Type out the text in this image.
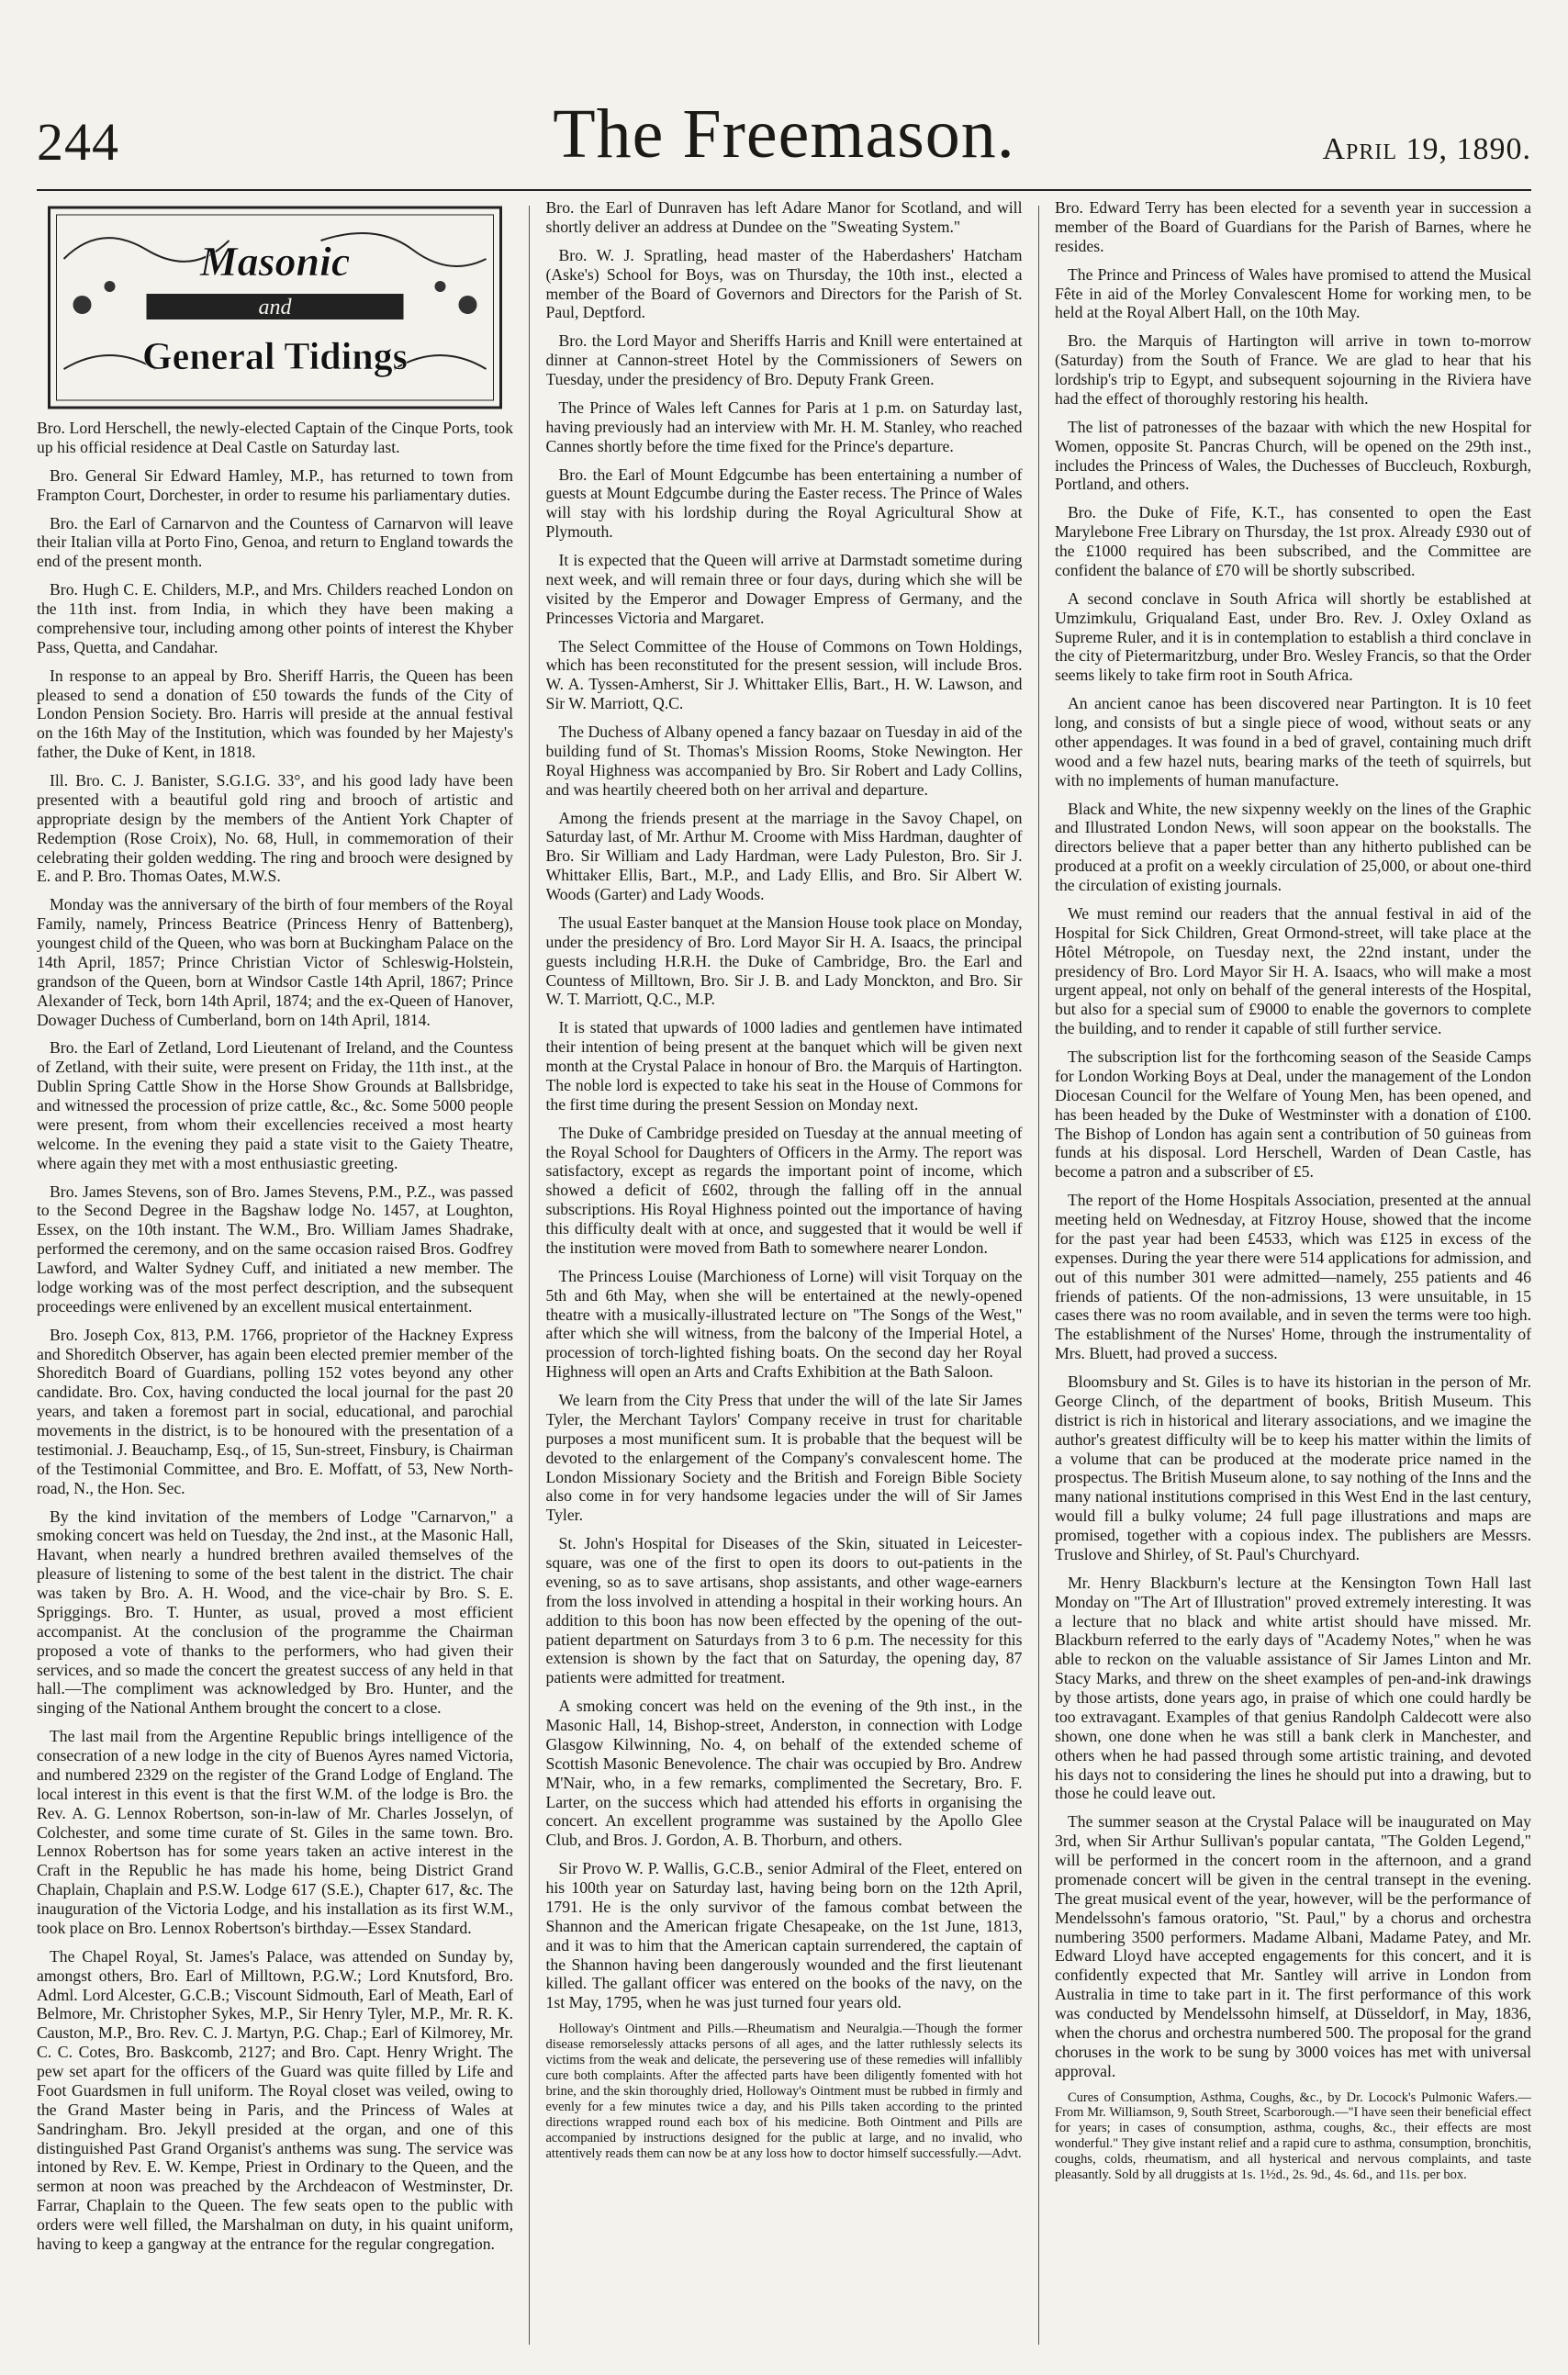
244	The Freemason.	April 19, 1890.
Masonic
and
General Tidings

Bro. Lord Herschell, the newly-elected Captain of the Cinque Ports, took up his official residence at Deal Castle on Saturday last.

Bro. General Sir Edward Hamley, M.P., has returned to town from Frampton Court, Dorchester, in order to resume his parliamentary duties.

Bro. the Earl of Carnarvon and the Countess of Carnarvon will leave their Italian villa at Porto Fino, Genoa, and return to England towards the end of the present month.

Bro. Hugh C. E. Childers, M.P., and Mrs. Childers reached London on the 11th inst. from India, in which they have been making a comprehensive tour, including among other points of interest the Khyber Pass, Quetta, and Candahar.

In response to an appeal by Bro. Sheriff Harris, the Queen has been pleased to send a donation of £50 towards the funds of the City of London Pension Society. Bro. Harris will preside at the annual festival on the 16th May of the Institution, which was founded by her Majesty's father, the Duke of Kent, in 1818.

Ill. Bro. C. J. Banister, S.G.I.G. 33°, and his good lady have been presented with a beautiful gold ring and brooch of artistic and appropriate design by the members of the Antient York Chapter of Redemption (Rose Croix), No. 68, Hull, in commemoration of their celebrating their golden wedding. The ring and brooch were designed by E. and P. Bro. Thomas Oates, M.W.S.

Monday was the anniversary of the birth of four members of the Royal Family, namely, Princess Beatrice (Princess Henry of Battenberg), youngest child of the Queen, who was born at Buckingham Palace on the 14th April, 1857; Prince Christian Victor of Schleswig-Holstein, grandson of the Queen, born at Windsor Castle 14th April, 1867; Prince Alexander of Teck, born 14th April, 1874; and the ex-Queen of Hanover, Dowager Duchess of Cumberland, born on 14th April, 1814.

Bro. the Earl of Zetland, Lord Lieutenant of Ireland, and the Countess of Zetland, with their suite, were present on Friday, the 11th inst., at the Dublin Spring Cattle Show in the Horse Show Grounds at Ballsbridge, and witnessed the procession of prize cattle, &c., &c. Some 5000 people were present, from whom their excellencies received a most hearty welcome. In the evening they paid a state visit to the Gaiety Theatre, where again they met with a most enthusiastic greeting.

Bro. James Stevens, son of Bro. James Stevens, P.M., P.Z., was passed to the Second Degree in the Bagshaw lodge No. 1457, at Loughton, Essex, on the 10th instant. The W.M., Bro. William James Shadrake, performed the ceremony, and on the same occasion raised Bros. Godfrey Lawford, and Walter Sydney Cuff, and initiated a new member. The lodge working was of the most perfect description, and the subsequent proceedings were enlivened by an excellent musical entertainment.

Bro. Joseph Cox, 813, P.M. 1766, proprietor of the Hackney Express and Shoreditch Observer, has again been elected premier member of the Shoreditch Board of Guardians, polling 152 votes beyond any other candidate. Bro. Cox, having conducted the local journal for the past 20 years, and taken a foremost part in social, educational, and parochial movements in the district, is to be honoured with the presentation of a testimonial. J. Beauchamp, Esq., of 15, Sun-street, Finsbury, is Chairman of the Testimonial Committee, and Bro. E. Moffatt, of 53, New North-road, N., the Hon. Sec.

By the kind invitation of the members of Lodge "Carnarvon," a smoking concert was held on Tuesday, the 2nd inst., at the Masonic Hall, Havant, when nearly a hundred brethren availed themselves of the pleasure of listening to some of the best talent in the district. The chair was taken by Bro. A. H. Wood, and the vice-chair by Bro. S. E. Spriggings. Bro. T. Hunter, as usual, proved a most efficient accompanist. At the conclusion of the programme the Chairman proposed a vote of thanks to the performers, who had given their services, and so made the concert the greatest success of any held in that hall.—The compliment was acknowledged by Bro. Hunter, and the singing of the National Anthem brought the concert to a close.

The last mail from the Argentine Republic brings intelligence of the consecration of a new lodge in the city of Buenos Ayres named Victoria, and numbered 2329 on the register of the Grand Lodge of England. The local interest in this event is that the first W.M. of the lodge is Bro. the Rev. A. G. Lennox Robertson, son-in-law of Mr. Charles Josselyn, of Colchester, and some time curate of St. Giles in the same town. Bro. Lennox Robertson has for some years taken an active interest in the Craft in the Republic he has made his home, being District Grand Chaplain, Chaplain and P.S.W. Lodge 617 (S.E.), Chapter 617, &c. The inauguration of the Victoria Lodge, and his installation as its first W.M., took place on Bro. Lennox Robertson's birthday.—Essex Standard.

The Chapel Royal, St. James's Palace, was attended on Sunday by, amongst others, Bro. Earl of Milltown, P.G.W.; Lord Knutsford, Bro. Adml. Lord Alcester, G.C.B.; Viscount Sidmouth, Earl of Meath, Earl of Belmore, Mr. Christopher Sykes, M.P., Sir Henry Tyler, M.P., Mr. R. K. Causton, M.P., Bro. Rev. C. J. Martyn, P.G. Chap.; Earl of Kilmorey, Mr. C. C. Cotes, Bro. Baskcomb, 2127; and Bro. Capt. Henry Wright. The pew set apart for the officers of the Guard was quite filled by Life and Foot Guardsmen in full uniform. The Royal closet was veiled, owing to the Grand Master being in Paris, and the Princess of Wales at Sandringham. Bro. Jekyll presided at the organ, and one of this distinguished Past Grand Organist's anthems was sung. The service was intoned by Rev. E. W. Kempe, Priest in Ordinary to the Queen, and the sermon at noon was preached by the Archdeacon of Westminster, Dr. Farrar, Chaplain to the Queen. The few seats open to the public with orders were well filled, the Marshalman on duty, in his quaint uniform, having to keep a gangway at the entrance for the regular congregation.

Bro. the Earl of Dunraven has left Adare Manor for Scotland, and will shortly deliver an address at Dundee on the "Sweating System."

Bro. W. J. Spratling, head master of the Haberdashers' Hatcham (Aske's) School for Boys, was on Thursday, the 10th inst., elected a member of the Board of Governors and Directors for the Parish of St. Paul, Deptford.

Bro. the Lord Mayor and Sheriffs Harris and Knill were entertained at dinner at Cannon-street Hotel by the Commissioners of Sewers on Tuesday, under the presidency of Bro. Deputy Frank Green.

The Prince of Wales left Cannes for Paris at 1 p.m. on Saturday last, having previously had an interview with Mr. H. M. Stanley, who reached Cannes shortly before the time fixed for the Prince's departure.

Bro. the Earl of Mount Edgcumbe has been entertaining a number of guests at Mount Edgcumbe during the Easter recess. The Prince of Wales will stay with his lordship during the Royal Agricultural Show at Plymouth.

It is expected that the Queen will arrive at Darmstadt sometime during next week, and will remain three or four days, during which she will be visited by the Emperor and Dowager Empress of Germany, and the Princesses Victoria and Margaret.

The Select Committee of the House of Commons on Town Holdings, which has been reconstituted for the present session, will include Bros. W. A. Tyssen-Amherst, Sir J. Whittaker Ellis, Bart., H. W. Lawson, and Sir W. Marriott, Q.C.

The Duchess of Albany opened a fancy bazaar on Tuesday in aid of the building fund of St. Thomas's Mission Rooms, Stoke Newington. Her Royal Highness was accompanied by Bro. Sir Robert and Lady Collins, and was heartily cheered both on her arrival and departure.

Among the friends present at the marriage in the Savoy Chapel, on Saturday last, of Mr. Arthur M. Croome with Miss Hardman, daughter of Bro. Sir William and Lady Hardman, were Lady Puleston, Bro. Sir J. Whittaker Ellis, Bart., M.P., and Lady Ellis, and Bro. Sir Albert W. Woods (Garter) and Lady Woods.

The usual Easter banquet at the Mansion House took place on Monday, under the presidency of Bro. Lord Mayor Sir H. A. Isaacs, the principal guests including H.R.H. the Duke of Cambridge, Bro. the Earl and Countess of Milltown, Bro. Sir J. B. and Lady Monckton, and Bro. Sir W. T. Marriott, Q.C., M.P.

It is stated that upwards of 1000 ladies and gentlemen have intimated their intention of being present at the banquet which will be given next month at the Crystal Palace in honour of Bro. the Marquis of Hartington. The noble lord is expected to take his seat in the House of Commons for the first time during the present Session on Monday next.

The Duke of Cambridge presided on Tuesday at the annual meeting of the Royal School for Daughters of Officers in the Army. The report was satisfactory, except as regards the important point of income, which showed a deficit of £602, through the falling off in the annual subscriptions. His Royal Highness pointed out the importance of having this difficulty dealt with at once, and suggested that it would be well if the institution were moved from Bath to somewhere nearer London.

The Princess Louise (Marchioness of Lorne) will visit Torquay on the 5th and 6th May, when she will be entertained at the newly-opened theatre with a musically-illustrated lecture on "The Songs of the West," after which she will witness, from the balcony of the Imperial Hotel, a procession of torch-lighted fishing boats. On the second day her Royal Highness will open an Arts and Crafts Exhibition at the Bath Saloon.

We learn from the City Press that under the will of the late Sir James Tyler, the Merchant Taylors' Company receive in trust for charitable purposes a most munificent sum. It is probable that the bequest will be devoted to the enlargement of the Company's convalescent home. The London Missionary Society and the British and Foreign Bible Society also come in for very handsome legacies under the will of Sir James Tyler.

St. John's Hospital for Diseases of the Skin, situated in Leicester-square, was one of the first to open its doors to out-patients in the evening, so as to save artisans, shop assistants, and other wage-earners from the loss involved in attending a hospital in their working hours. An addition to this boon has now been effected by the opening of the out-patient department on Saturdays from 3 to 6 p.m. The necessity for this extension is shown by the fact that on Saturday, the opening day, 87 patients were admitted for treatment.

A smoking concert was held on the evening of the 9th inst., in the Masonic Hall, 14, Bishop-street, Anderston, in connection with Lodge Glasgow Kilwinning, No. 4, on behalf of the extended scheme of Scottish Masonic Benevolence. The chair was occupied by Bro. Andrew M'Nair, who, in a few remarks, complimented the Secretary, Bro. F. Larter, on the success which had attended his efforts in organising the concert. An excellent programme was sustained by the Apollo Glee Club, and Bros. J. Gordon, A. B. Thorburn, and others.

Sir Provo W. P. Wallis, G.C.B., senior Admiral of the Fleet, entered on his 100th year on Saturday last, having being born on the 12th April, 1791. He is the only survivor of the famous combat between the Shannon and the American frigate Chesapeake, on the 1st June, 1813, and it was to him that the American captain surrendered, the captain of the Shannon having been dangerously wounded and the first lieutenant killed. The gallant officer was entered on the books of the navy, on the 1st May, 1795, when he was just turned four years old.

Holloway's Ointment and Pills.—Rheumatism and Neuralgia.—Though the former disease remorselessly attacks persons of all ages, and the latter ruthlessly selects its victims from the weak and delicate, the persevering use of these remedies will infallibly cure both complaints. After the affected parts have been diligently fomented with hot brine, and the skin thoroughly dried, Holloway's Ointment must be rubbed in firmly and evenly for a few minutes twice a day, and his Pills taken according to the printed directions wrapped round each box of his medicine. Both Ointment and Pills are accompanied by instructions designed for the public at large, and no invalid, who attentively reads them can now be at any loss how to doctor himself successfully.—Advt.

Bro. Edward Terry has been elected for a seventh year in succession a member of the Board of Guardians for the Parish of Barnes, where he resides.

The Prince and Princess of Wales have promised to attend the Musical Fête in aid of the Morley Convalescent Home for working men, to be held at the Royal Albert Hall, on the 10th May.

Bro. the Marquis of Hartington will arrive in town to-morrow (Saturday) from the South of France. We are glad to hear that his lordship's trip to Egypt, and subsequent sojourning in the Riviera have had the effect of thoroughly restoring his health.

The list of patronesses of the bazaar with which the new Hospital for Women, opposite St. Pancras Church, will be opened on the 29th inst., includes the Princess of Wales, the Duchesses of Buccleuch, Roxburgh, Portland, and others.

Bro. the Duke of Fife, K.T., has consented to open the East Marylebone Free Library on Thursday, the 1st prox. Already £930 out of the £1000 required has been subscribed, and the Committee are confident the balance of £70 will be shortly subscribed.

A second conclave in South Africa will shortly be established at Umzimkulu, Griqualand East, under Bro. Rev. J. Oxley Oxland as Supreme Ruler, and it is in contemplation to establish a third conclave in the city of Pietermaritzburg, under Bro. Wesley Francis, so that the Order seems likely to take firm root in South Africa.

An ancient canoe has been discovered near Partington. It is 10 feet long, and consists of but a single piece of wood, without seats or any other appendages. It was found in a bed of gravel, containing much drift wood and a few hazel nuts, bearing marks of the teeth of squirrels, but with no implements of human manufacture.

Black and White, the new sixpenny weekly on the lines of the Graphic and Illustrated London News, will soon appear on the bookstalls. The directors believe that a paper better than any hitherto published can be produced at a profit on a weekly circulation of 25,000, or about one-third the circulation of existing journals.

We must remind our readers that the annual festival in aid of the Hospital for Sick Children, Great Ormond-street, will take place at the Hôtel Métropole, on Tuesday next, the 22nd instant, under the presidency of Bro. Lord Mayor Sir H. A. Isaacs, who will make a most urgent appeal, not only on behalf of the general interests of the Hospital, but also for a special sum of £9000 to enable the governors to complete the building, and to render it capable of still further service.

The subscription list for the forthcoming season of the Seaside Camps for London Working Boys at Deal, under the management of the London Diocesan Council for the Welfare of Young Men, has been opened, and has been headed by the Duke of Westminster with a donation of £100. The Bishop of London has again sent a contribution of 50 guineas from funds at his disposal. Lord Herschell, Warden of Dean Castle, has become a patron and a subscriber of £5.

The report of the Home Hospitals Association, presented at the annual meeting held on Wednesday, at Fitzroy House, showed that the income for the past year had been £4533, which was £125 in excess of the expenses. During the year there were 514 applications for admission, and out of this number 301 were admitted—namely, 255 patients and 46 friends of patients. Of the non-admissions, 13 were unsuitable, in 15 cases there was no room available, and in seven the terms were too high. The establishment of the Nurses' Home, through the instrumentality of Mrs. Bluett, had proved a success.

Bloomsbury and St. Giles is to have its historian in the person of Mr. George Clinch, of the department of books, British Museum. This district is rich in historical and literary associations, and we imagine the author's greatest difficulty will be to keep his matter within the limits of a volume that can be produced at the moderate price named in the prospectus. The British Museum alone, to say nothing of the Inns and the many national institutions comprised in this West End in the last century, would fill a bulky volume; 24 full page illustrations and maps are promised, together with a copious index. The publishers are Messrs. Truslove and Shirley, of St. Paul's Churchyard.

Mr. Henry Blackburn's lecture at the Kensington Town Hall last Monday on "The Art of Illustration" proved extremely interesting. It was a lecture that no black and white artist should have missed. Mr. Blackburn referred to the early days of "Academy Notes," when he was able to reckon on the valuable assistance of Sir James Linton and Mr. Stacy Marks, and threw on the sheet examples of pen-and-ink drawings by those artists, done years ago, in praise of which one could hardly be too extravagant. Examples of that genius Randolph Caldecott were also shown, one done when he was still a bank clerk in Manchester, and others when he had passed through some artistic training, and devoted his days not to considering the lines he should put into a drawing, but to those he could leave out.

The summer season at the Crystal Palace will be inaugurated on May 3rd, when Sir Arthur Sullivan's popular cantata, "The Golden Legend," will be performed in the concert room in the afternoon, and a grand promenade concert will be given in the central transept in the evening. The great musical event of the year, however, will be the performance of Mendelssohn's famous oratorio, "St. Paul," by a chorus and orchestra numbering 3500 performers. Madame Albani, Madame Patey, and Mr. Edward Lloyd have accepted engagements for this concert, and it is confidently expected that Mr. Santley will arrive in London from Australia in time to take part in it. The first performance of this work was conducted by Mendelssohn himself, at Düsseldorf, in May, 1836, when the chorus and orchestra numbered 500. The proposal for the grand choruses in the work to be sung by 3000 voices has met with universal approval.

Cures of Consumption, Asthma, Coughs, &c., by Dr. Locock's Pulmonic Wafers.—From Mr. Williamson, 9, South Street, Scarborough.—"I have seen their beneficial effect for years; in cases of consumption, asthma, coughs, &c., their effects are most wonderful." They give instant relief and a rapid cure to asthma, consumption, bronchitis, coughs, colds, rheumatism, and all hysterical and nervous complaints, and taste pleasantly. Sold by all druggists at 1s. 1½d., 2s. 9d., 4s. 6d., and 11s. per box.
